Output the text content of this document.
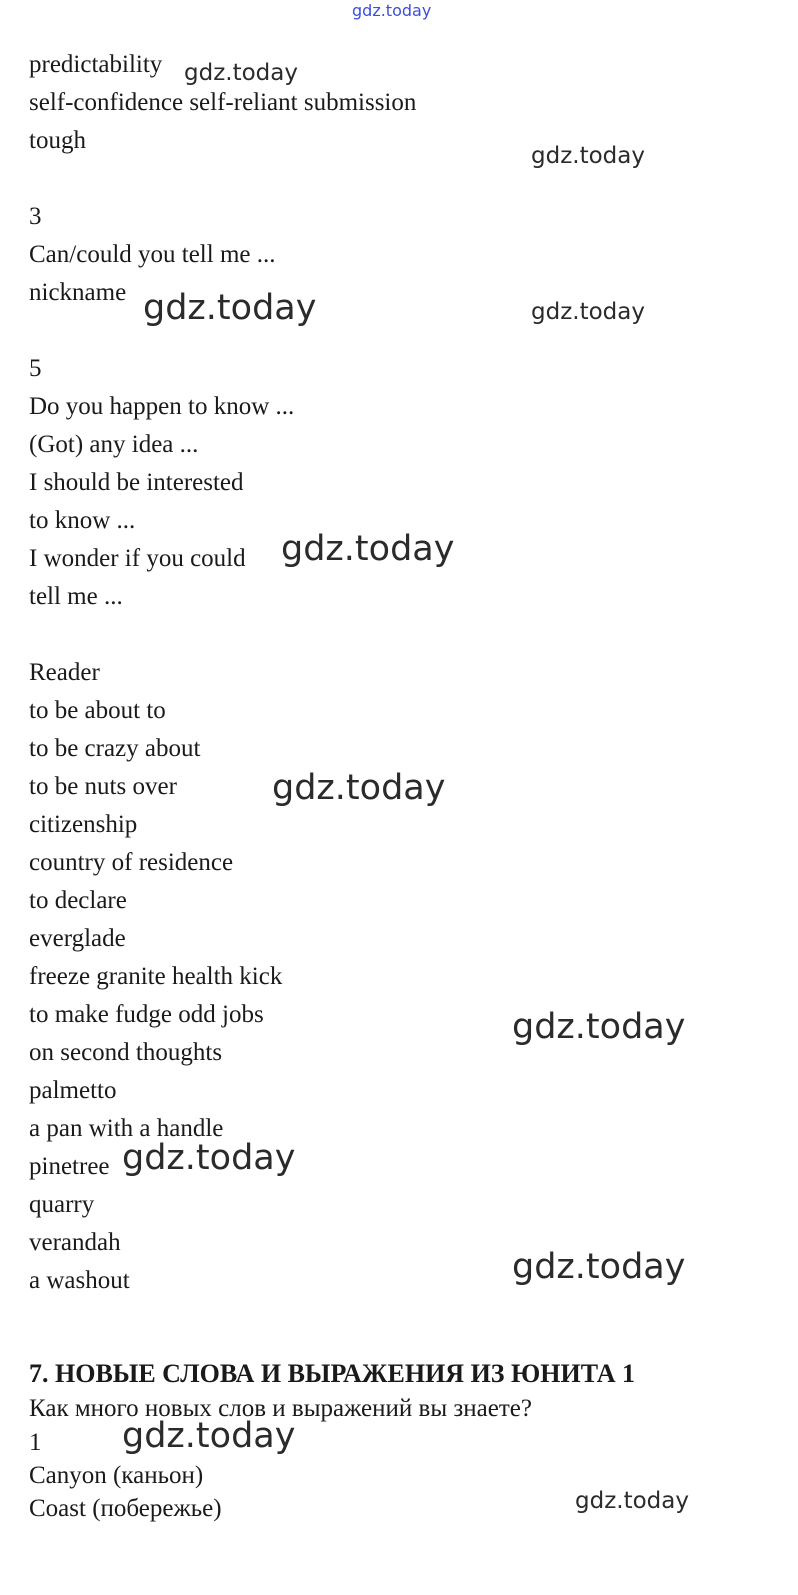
gdz.today
gdz.today
gdz.today
gdz.today	gdz.today
gdz.today
gdz.today
gdz.today
gdz.today
gdz.today
gdz.today
gdz.today
predictability
self-confidence self-reliant submission
tough
3
Can/could you tell me ...
nickname
5
Do you happen to know ...
(Got) any idea ...
I should be interested
to know ...
I wonder if you could
tell me ...
Reader
to be about to
to be crazy about
to be nuts over
citizenship
country of residence
to declare
everglade
freeze granite health kick
to make fudge odd jobs
on second thoughts
palmetto
a pan with a handle
pinetree
quarry
verandah
a washout
7. НОВЫЕ СЛОВА И ВЫРАЖЕНИЯ ИЗ ЮНИТА 1
Как много новых слов и выражений вы знаете?
1
Canyon (каньон)
Coast (побережье)
